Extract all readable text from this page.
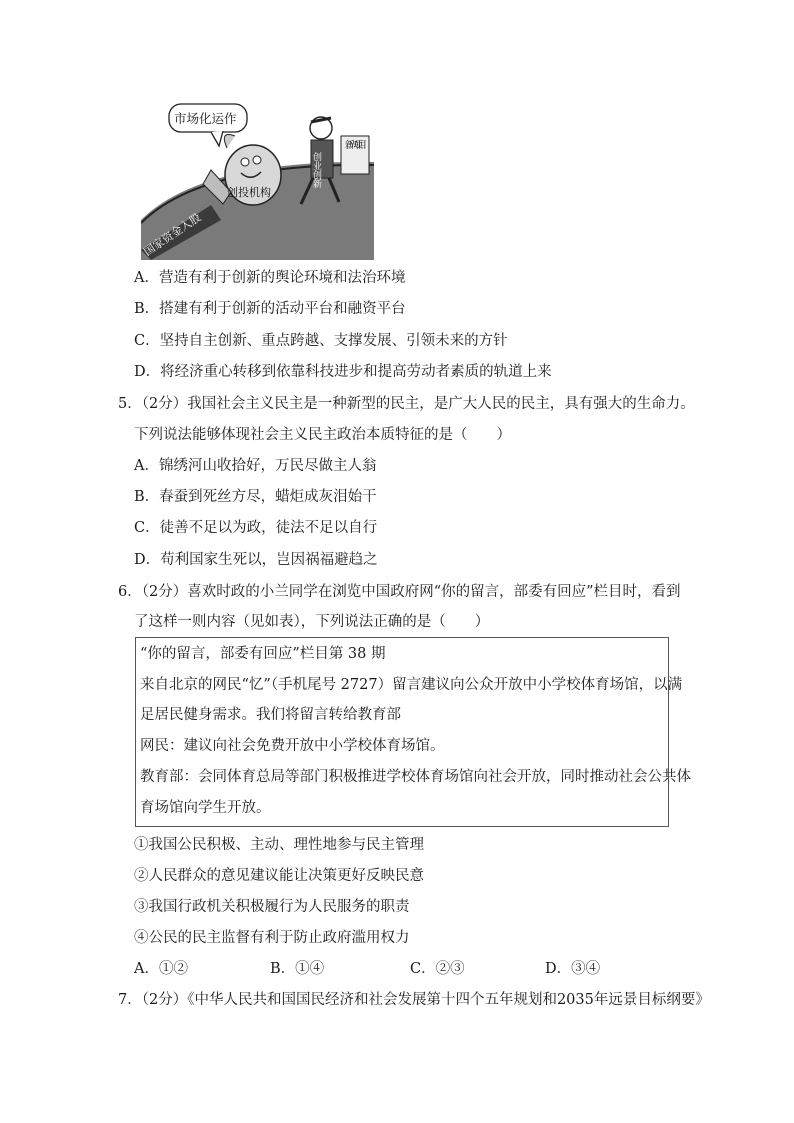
市场化运作
创投机构
创业创新
新兴项目
国家资金入股
A．营造有利于创新的舆论环境和法治环境
B．搭建有利于创新的活动平台和融资平台
C．坚持自主创新、重点跨越、支撑发展、引领未来的方针
D．将经济重心转移到依靠科技进步和提高劳动者素质的轨道上来
5．（2分）我国社会主义民主是一种新型的民主，是广大人民的民主，具有强大的生命力。
下列说法能够体现社会主义民主政治本质特征的是（　　）
A．锦绣河山收拾好，万民尽做主人翁
B．春蚕到死丝方尽，蜡炬成灰泪始干
C．徒善不足以为政，徒法不足以自行
D．苟利国家生死以，岂因祸福避趋之
6．（2分）喜欢时政的小兰同学在浏览中国政府网“你的留言，部委有回应”栏目时，看到
了这样一则内容（见如表），下列说法正确的是（　　）
“你的留言，部委有回应”栏目第 38 期
来自北京的网民“忆”（手机尾号 2727）留言建议向公众开放中小学校体育场馆，以满
足居民健身需求。我们将留言转给教育部
网民：建议向社会免费开放中小学校体育场馆。
教育部：会同体育总局等部门积极推进学校体育场馆向社会开放，同时推动社会公共体
育场馆向学生开放。
①我国公民积极、主动、理性地参与民主管理
②人民群众的意见建议能让决策更好反映民意
③我国行政机关积极履行为人民服务的职责
④公民的民主监督有利于防止政府滥用权力
A．①②	B．①④	C．②③	D．③④
7．（2分）《中华人民共和国国民经济和社会发展第十四个五年规划和2035年远景目标纲要》
